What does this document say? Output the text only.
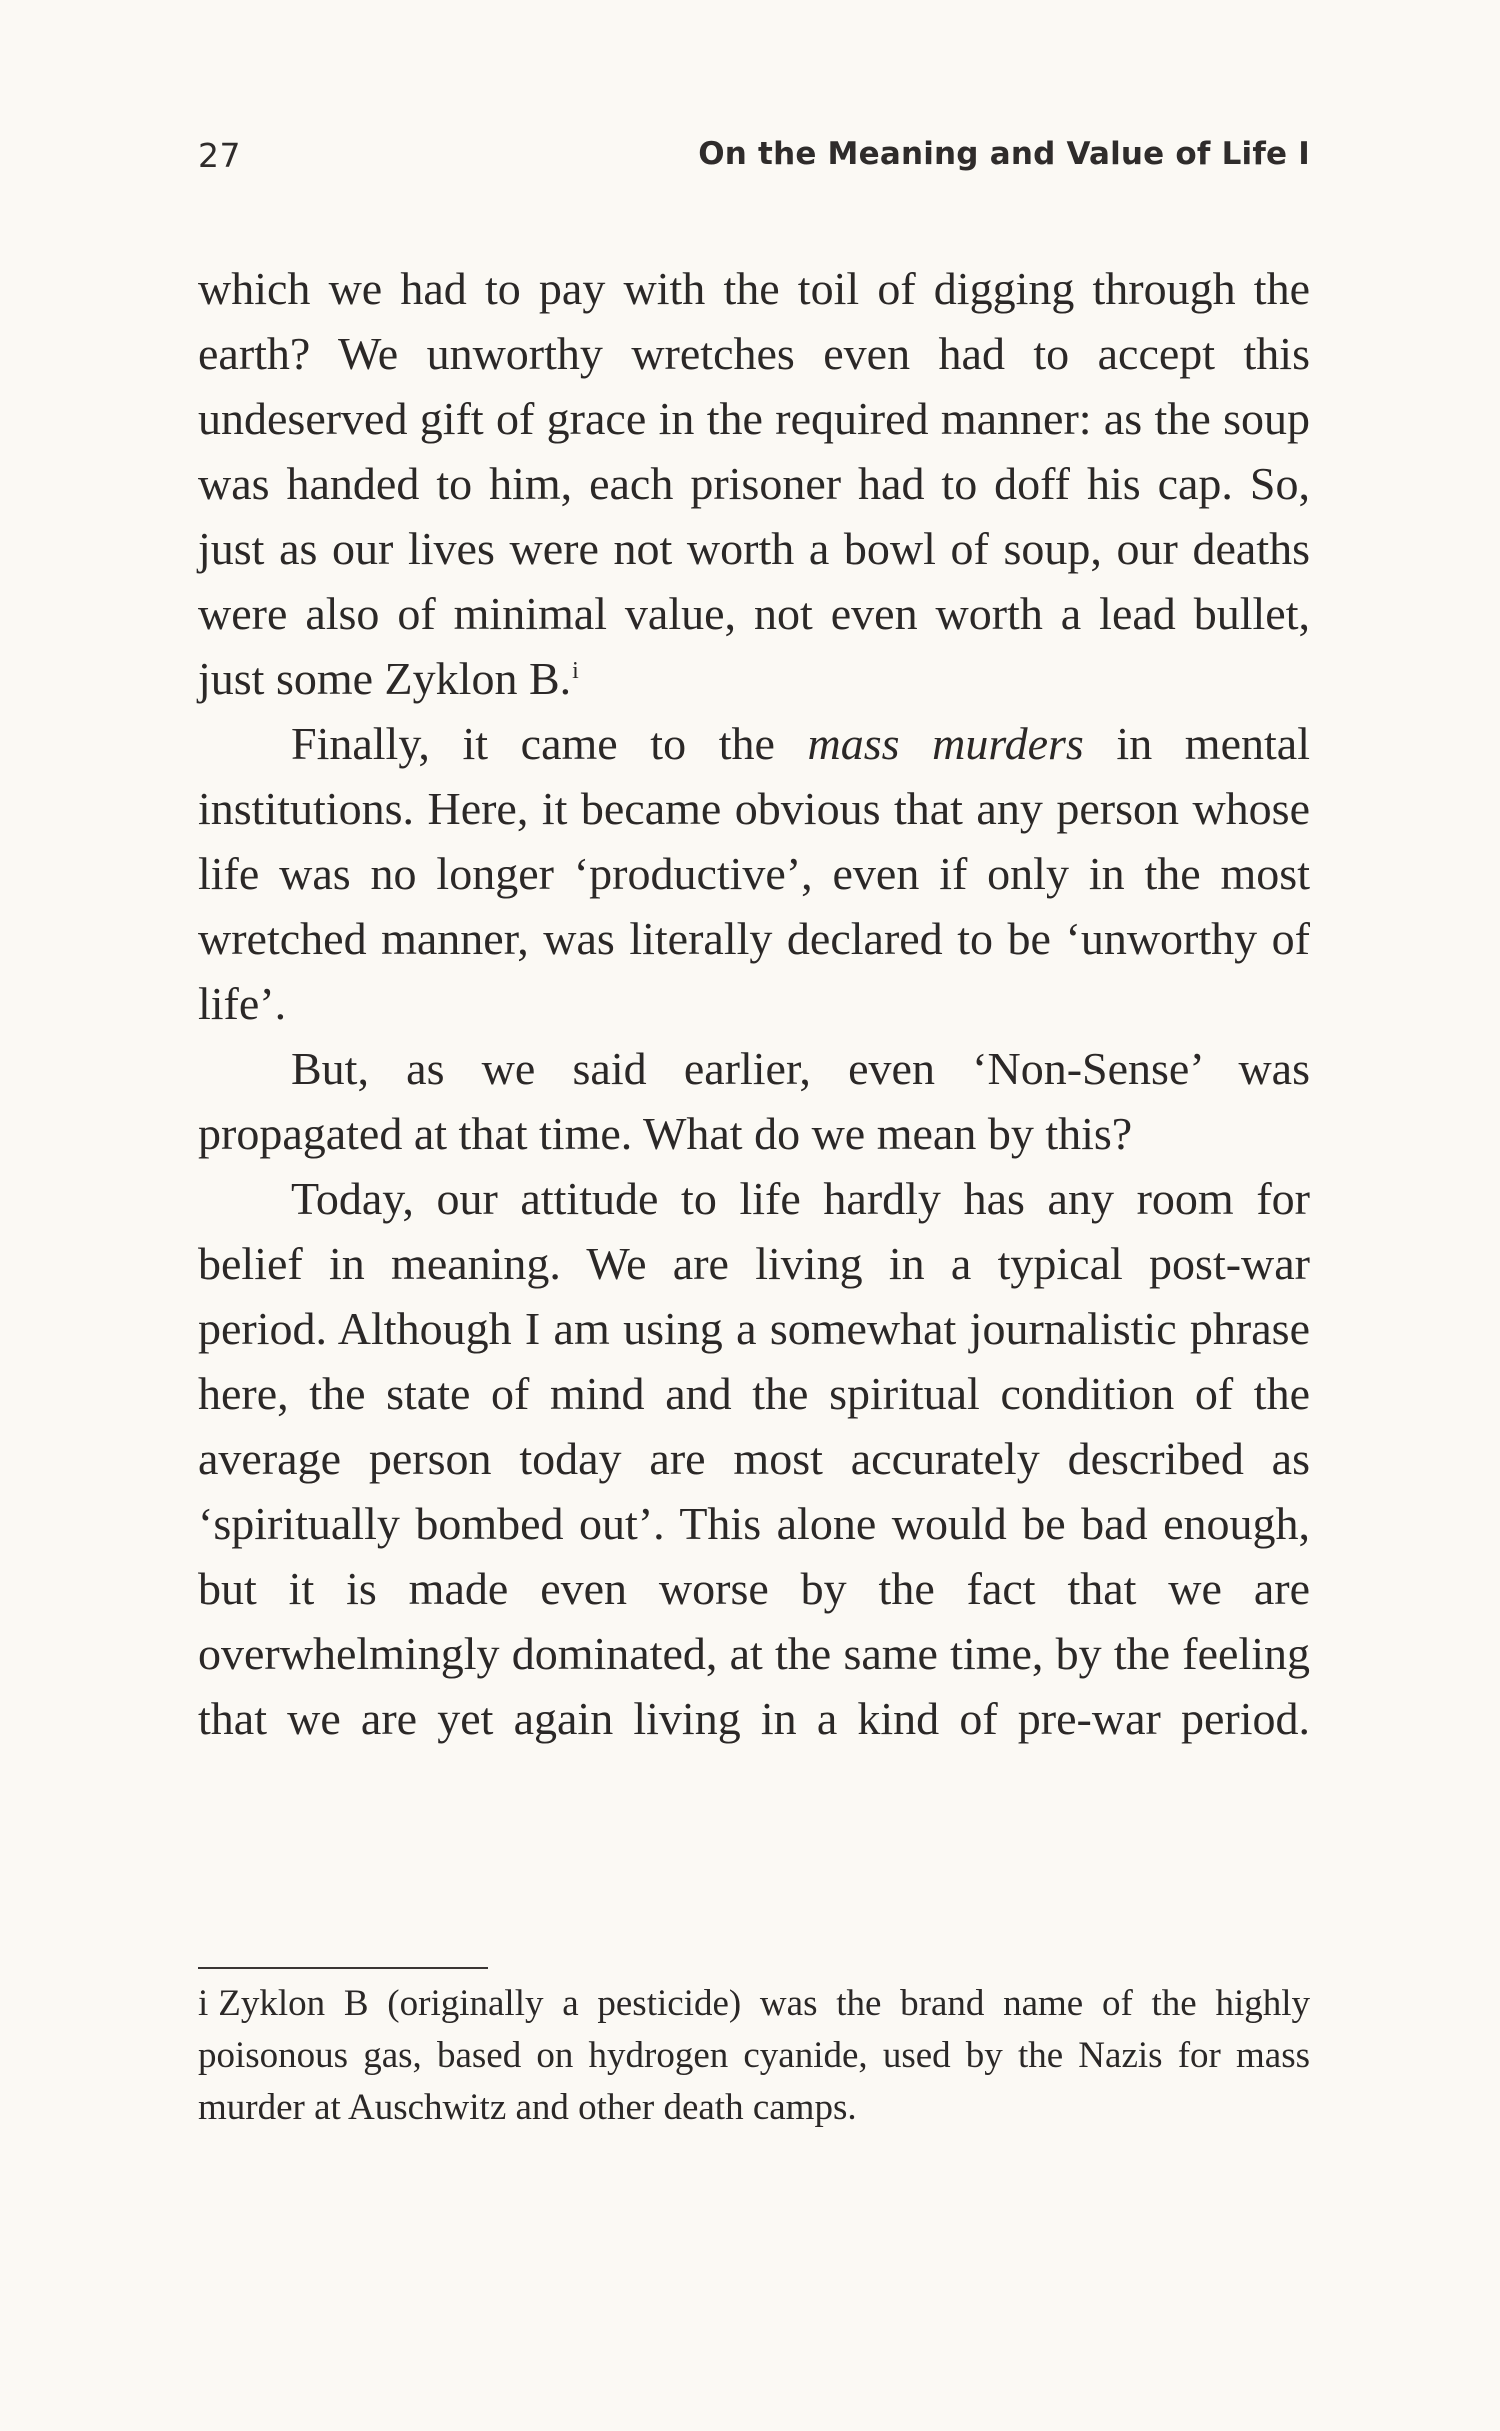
27	On the Meaning and Value of Life I

which we had to pay with the toil of digging through the earth? We unworthy wretches even had to accept this undeserved gift of grace in the required manner: as the soup was handed to him, each prisoner had to doff his cap. So, just as our lives were not worth a bowl of soup, our deaths were also of minimal value, not even worth a lead bullet, just some Zyklon B.$^i$

Finally, it came to the mass murders in mental institutions. Here, it became obvious that any person whose life was no longer ‘productive’, even if only in the most wretched manner, was literally declared to be ‘unworthy of life’.

But, as we said earlier, even ‘Non-Sense’ was propagated at that time. What do we mean by this?

Today, our attitude to life hardly has any room for belief in meaning. We are living in a typical post-war period. Although I am using a somewhat journalistic phrase here, the state of mind and the spiritual condition of the average person today are most accurately described as ‘spiritually bombed out’. This alone would be bad enough, but it is made even worse by the fact that we are overwhelmingly dominated, at the same time, by the feeling that we are yet again living in a kind of pre-war period.

i Zyklon B (originally a pesticide) was the brand name of the highly poisonous gas, based on hydrogen cyanide, used by the Nazis for mass murder at Auschwitz and other death camps.
